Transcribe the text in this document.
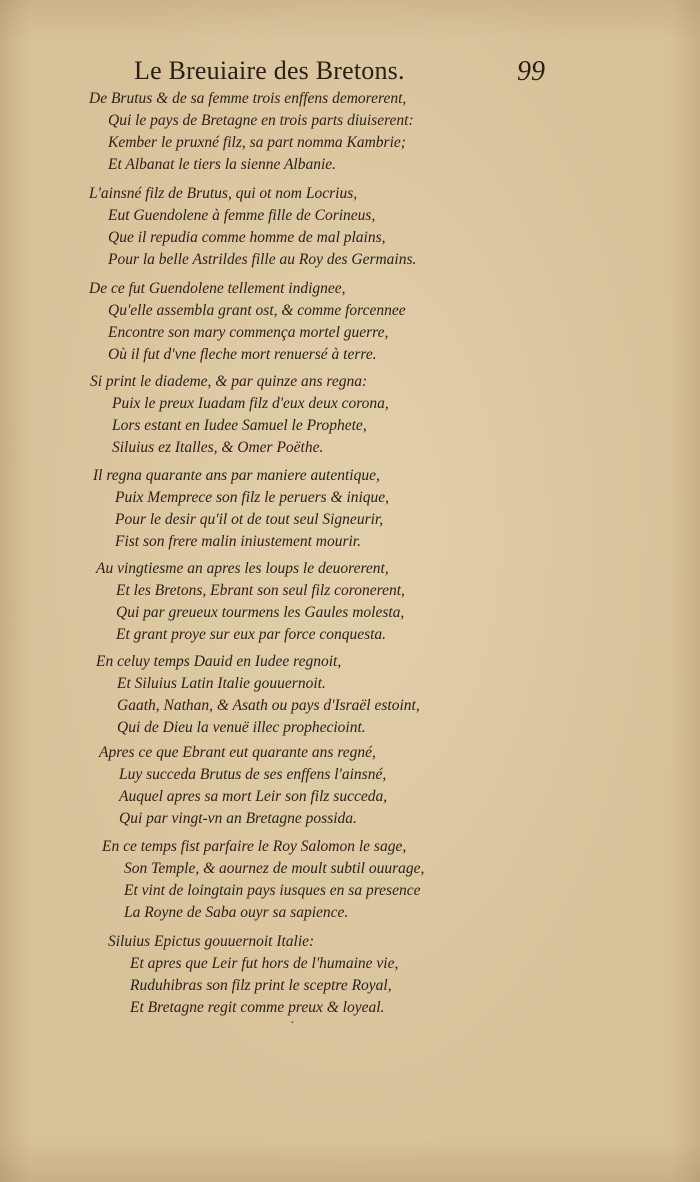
Le Breuiaire des Bretons.	99
De Brutus & de sa femme trois enffens demorerent,
Qui le pays de Bretagne en trois parts diuiserent:
Kember le pruxné filz, sa part nomma Kambrie;
Et Albanat le tiers la sienne Albanie.
L'ainsné filz de Brutus, qui ot nom Locrius,
Eut Guendolene à femme fille de Corineus,
Que il repudia comme homme de mal plains,
Pour la belle Astrildes fille au Roy des Germains.
De ce fut Guendolene tellement indignee,
Qu'elle assembla grant ost, & comme forcennee
Encontre son mary commença mortel guerre,
Où il fut d'vne fleche mort renuersé à terre.
Si print le diademe, & par quinze ans regna:
Puix le preux Iuadam filz d'eux deux corona,
Lors estant en Iudee Samuel le Prophete,
Siluius ez Italles, & Omer Poëthe.
Il regna quarante ans par maniere autentique,
Puix Memprece son filz le peruers & inique,
Pour le desir qu'il ot de tout seul Signeurir,
Fist son frere malin iniustement mourir.
Au vingtiesme an apres les loups le deuorerent,
Et les Bretons, Ebrant son seul filz coronerent,
Qui par greueux tourmens les Gaules molesta,
Et grant proye sur eux par force conquesta.
En celuy temps Dauid en Iudee regnoit,
Et Siluius Latin Italie gouuernoit.
Gaath, Nathan, & Asath ou pays d'Israël estoint,
Qui de Dieu la venuë illec prophecioint.
Apres ce que Ebrant eut quarante ans regné,
Luy succeda Brutus de ses enffens l'ainsné,
Auquel apres sa mort Leir son filz succeda,
Qui par vingt-vn an Bretagne possida.
En ce temps fist parfaire le Roy Salomon le sage,
Son Temple, & aournez de moult subtil ouurage,
Et vint de loingtain pays iusques en sa presence
La Royne de Saba ouyr sa sapience.
Siluius Epictus gouuernoit Italie:
Et apres que Leir fut hors de l'humaine vie,
Ruduhibras son filz print le sceptre Royal,
Et Bretagne regit comme preux & loyeal.
·
